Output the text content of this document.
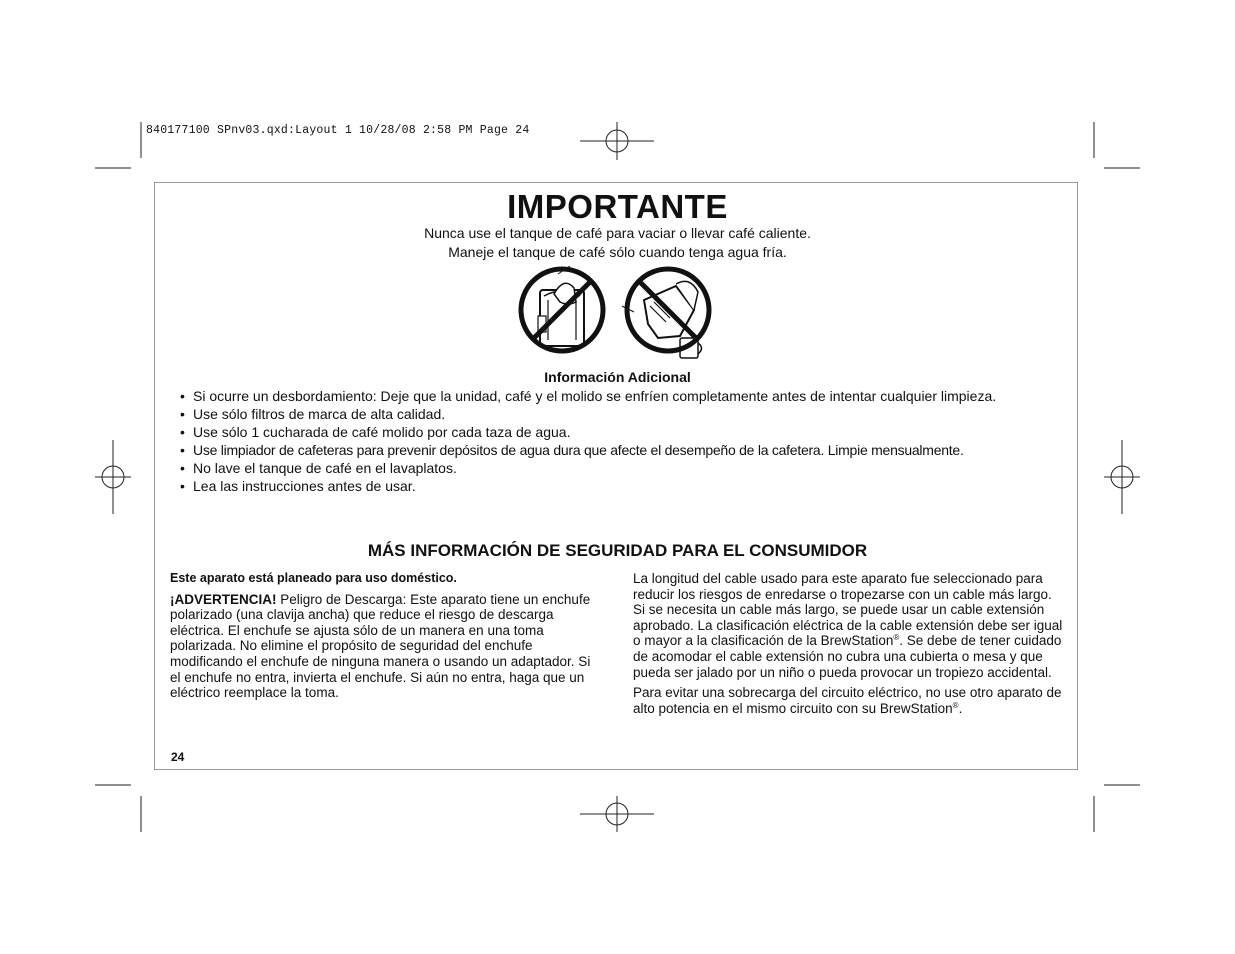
840177100 SPnv03.qxd:Layout 1 10/28/08 2:58 PM Page 24
IMPORTANTE

Nunca use el tanque de café para vaciar o llevar café caliente.

Maneje el tanque de café sólo cuando tenga agua fría.

Información Adicional

• Si ocurre un desbordamiento: Deje que la unidad, café y el molido se enfríen completamente antes de intentar cualquier limpieza.
• Use sólo filtros de marca de alta calidad.
• Use sólo 1 cucharada de café molido por cada taza de agua.
• Use limpiador de cafeteras para prevenir depósitos de agua dura que afecte el desempeño de la cafetera. Limpie mensualmente.
• No lave el tanque de café en el lavaplatos.
• Lea las instrucciones antes de usar.
MÁS INFORMACIÓN DE SEGURIDAD PARA EL CONSUMIDOR

Este aparato está planeado para uso doméstico.

¡ADVERTENCIA! Peligro de Descarga: Este aparato tiene un enchufe polarizado (una clavija ancha) que reduce el riesgo de descarga eléctrica. El enchufe se ajusta sólo de un manera en una toma polarizada. No elimine el propósito de seguridad del enchufe modificando el enchufe de ninguna manera o usando un adaptador. Si el enchufe no entra, invierta el enchufe. Si aún no entra, haga que un eléctrico reemplace la toma.

La longitud del cable usado para este aparato fue seleccionado para reducir los riesgos de enredarse o tropezarse con un cable más largo. Si se necesita un cable más largo, se puede usar un cable extensión aprobado. La clasificación eléctrica de la cable extensión debe ser igual o mayor a la clasificación de la BrewStation®. Se debe de tener cuidado de acomodar el cable extensión no cubra una cubierta o mesa y que pueda ser jalado por un niño o pueda provocar un tropiezo accidental.

Para evitar una sobrecarga del circuito eléctrico, no use otro aparato de alto potencia en el mismo circuito con su BrewStation®.

24
